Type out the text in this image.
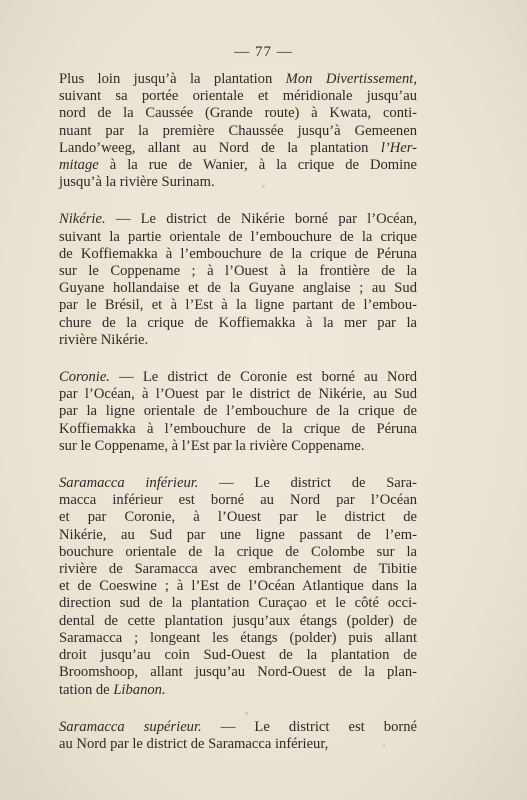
— 77 —

Plus loin jusqu’à la plantation Mon Divertissement,
suivant sa portée orientale et méridionale jusqu’au
nord de la Caussée (Grande route) à Kwata, conti-
nuant par la première Chaussée jusqu’à Gemeenen
Lando’weeg, allant au Nord de la plantation l’Her-
mitage à la rue de Wanier, à la crique de Domine
jusqu’à la rivière Surinam.

Nikérie. — Le district de Nikérie borné par l’Océan,
suivant la partie orientale de l’embouchure de la crique
de Koffiemakka à l’embouchure de la crique de Péruna
sur le Coppename ; à l’Ouest à la frontière de la
Guyane hollandaise et de la Guyane anglaise ; au Sud
par le Brésil, et à l’Est à la ligne partant de l’embou-
chure de la crique de Koffiemakka à la mer par la
rivière Nikérie.

Coronie. — Le district de Coronie est borné au Nord
par l’Océan, à l’Ouest par le district de Nikérie, au Sud
par la ligne orientale de l’embouchure de la crique de
Koffiemakka à l’embouchure de la crique de Péruna
sur le Coppename, à l’Est par la rivière Coppename.

Saramacca inférieur. — Le district de Sara-
macca inférieur est borné au Nord par l’Océan
et par Coronie, à l’Ouest par le district de
Nikérie, au Sud par une ligne passant de l’em-
bouchure orientale de la crique de Colombe sur la
rivière de Saramacca avec embranchement de Tibitie
et de Coeswine ; à l’Est de l’Océan Atlantique dans la
direction sud de la plantation Curaçao et le côté occi-
dental de cette plantation jusqu’aux étangs (polder) de
Saramacca ; longeant les étangs (polder) puis allant
droit jusqu’au coin Sud-Ouest de la plantation de
Broomshoop, allant jusqu’au Nord-Ouest de la plan-
tation de Libanon.

Saramacca supérieur. — Le district est borné
au Nord par le district de Saramacca inférieur,
